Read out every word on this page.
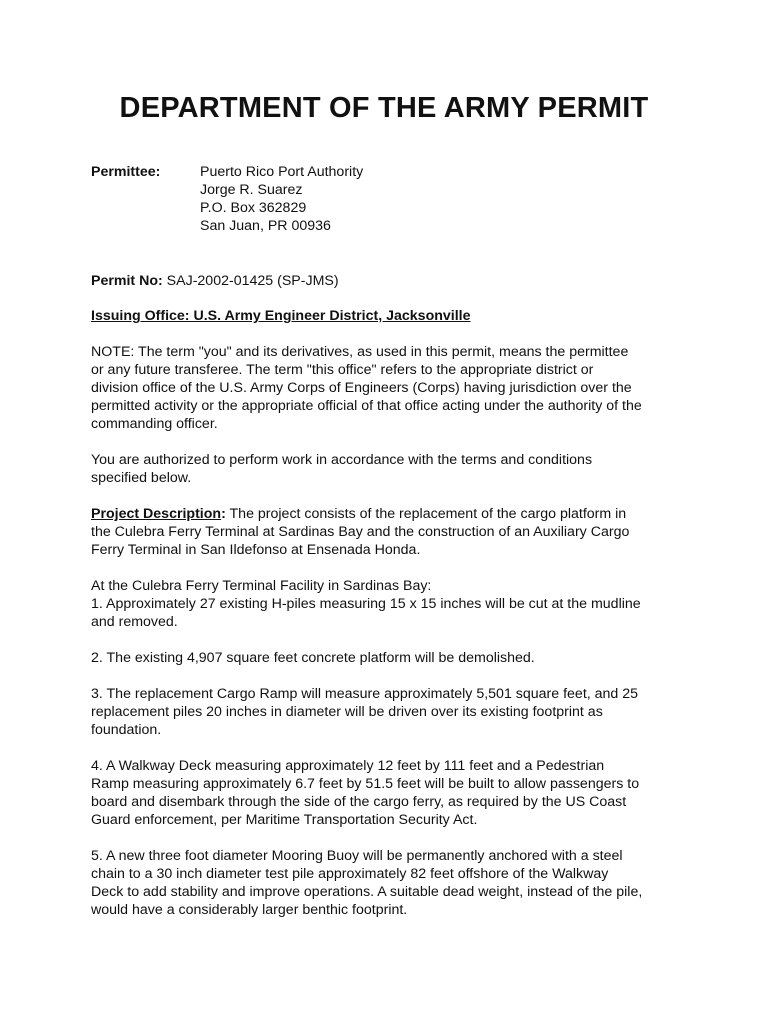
DEPARTMENT OF THE ARMY PERMIT
Permittee:	Puerto Rico Port Authority
Jorge R. Suarez
P.O. Box 362829
San Juan, PR 00936
Permit No: SAJ-2002-01425 (SP-JMS)
Issuing Office: U.S. Army Engineer District, Jacksonville
NOTE: The term "you" and its derivatives, as used in this permit, means the permittee
or any future transferee. The term "this office" refers to the appropriate district or
division office of the U.S. Army Corps of Engineers (Corps) having jurisdiction over the
permitted activity or the appropriate official of that office acting under the authority of the
commanding officer.
You are authorized to perform work in accordance with the terms and conditions
specified below.
Project Description: The project consists of the replacement of the cargo platform in
the Culebra Ferry Terminal at Sardinas Bay and the construction of an Auxiliary Cargo
Ferry Terminal in San Ildefonso at Ensenada Honda.
At the Culebra Ferry Terminal Facility in Sardinas Bay:
1. Approximately 27 existing H-piles measuring 15 x 15 inches will be cut at the mudline
and removed.
2. The existing 4,907 square feet concrete platform will be demolished.
3. The replacement Cargo Ramp will measure approximately 5,501 square feet, and 25
replacement piles 20 inches in diameter will be driven over its existing footprint as
foundation.
4. A Walkway Deck measuring approximately 12 feet by 111 feet and a Pedestrian
Ramp measuring approximately 6.7 feet by 51.5 feet will be built to allow passengers to
board and disembark through the side of the cargo ferry, as required by the US Coast
Guard enforcement, per Maritime Transportation Security Act.
5. A new three foot diameter Mooring Buoy will be permanently anchored with a steel
chain to a 30 inch diameter test pile approximately 82 feet offshore of the Walkway
Deck to add stability and improve operations. A suitable dead weight, instead of the pile,
would have a considerably larger benthic footprint.
